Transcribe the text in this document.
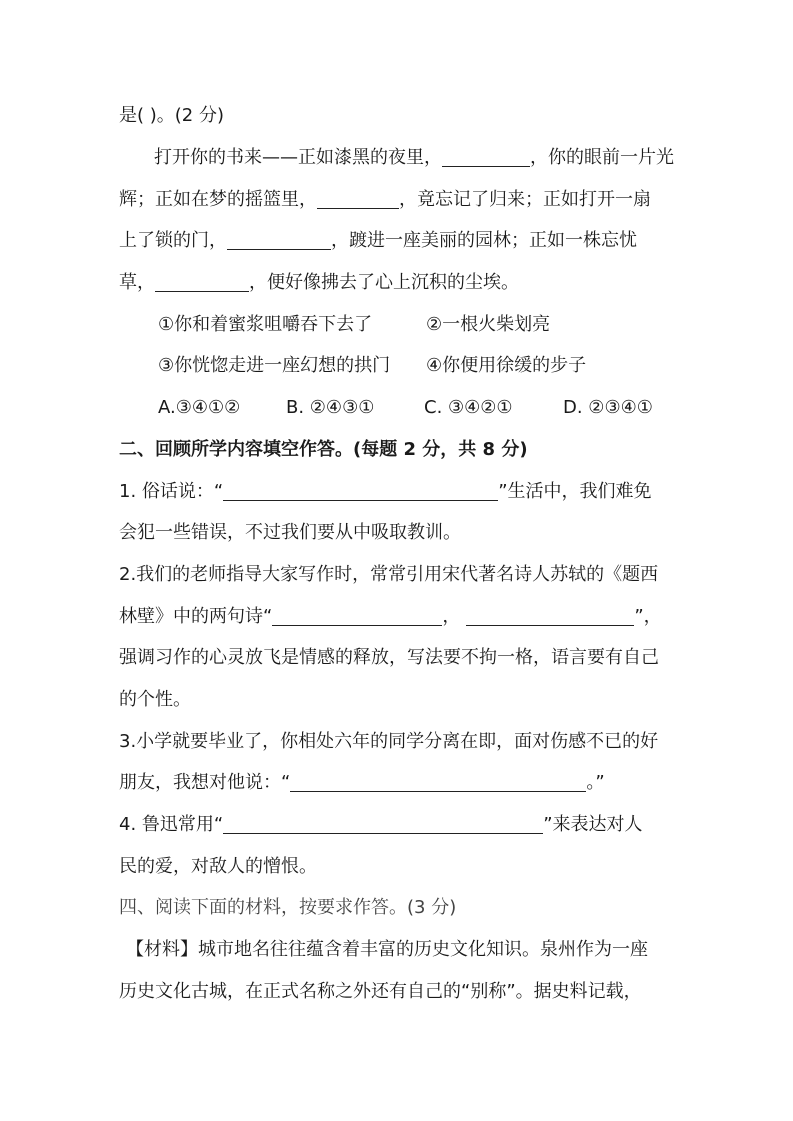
是( )。(2 分)
打开你的书来——正如漆黑的夜里，	，你的眼前一片光
辉；正如在梦的摇篮里，	，竟忘记了归来；正如打开一扇
上了锁的门，	，踱进一座美丽的园林；正如一株忘忧
草，	，便好像拂去了心上沉积的尘埃。
①你和着蜜浆咀嚼吞下去了	②一根火柴划亮
③你恍惚走进一座幻想的拱门 ④你便用徐缓的步子
A.③④①②	B. ②④③①	C. ③④②①	D. ②③④①
二、回顾所学内容填空作答。(每题 2 分，共 8 分)
1. 俗话说：“	”生活中，我们难免
会犯一些错误，不过我们要从中吸取教训。
2.我们的老师指导大家写作时，常常引用宋代著名诗人苏轼的《题西
林壁》中的两句诗“	，	”，
强调习作的心灵放飞是情感的释放，写法要不拘一格，语言要有自己
的个性。
3.小学就要毕业了，你相处六年的同学分离在即，面对伤感不已的好
朋友，我想对他说：“	。”
4. 鲁迅常用“	”来表达对人
民的爱，对敌人的憎恨。
四、阅读下面的材料，按要求作答。(3 分)
【材料】城市地名往往蕴含着丰富的历史文化知识。泉州作为一座
历史文化古城，在正式名称之外还有自己的“别称”。据史料记载，
